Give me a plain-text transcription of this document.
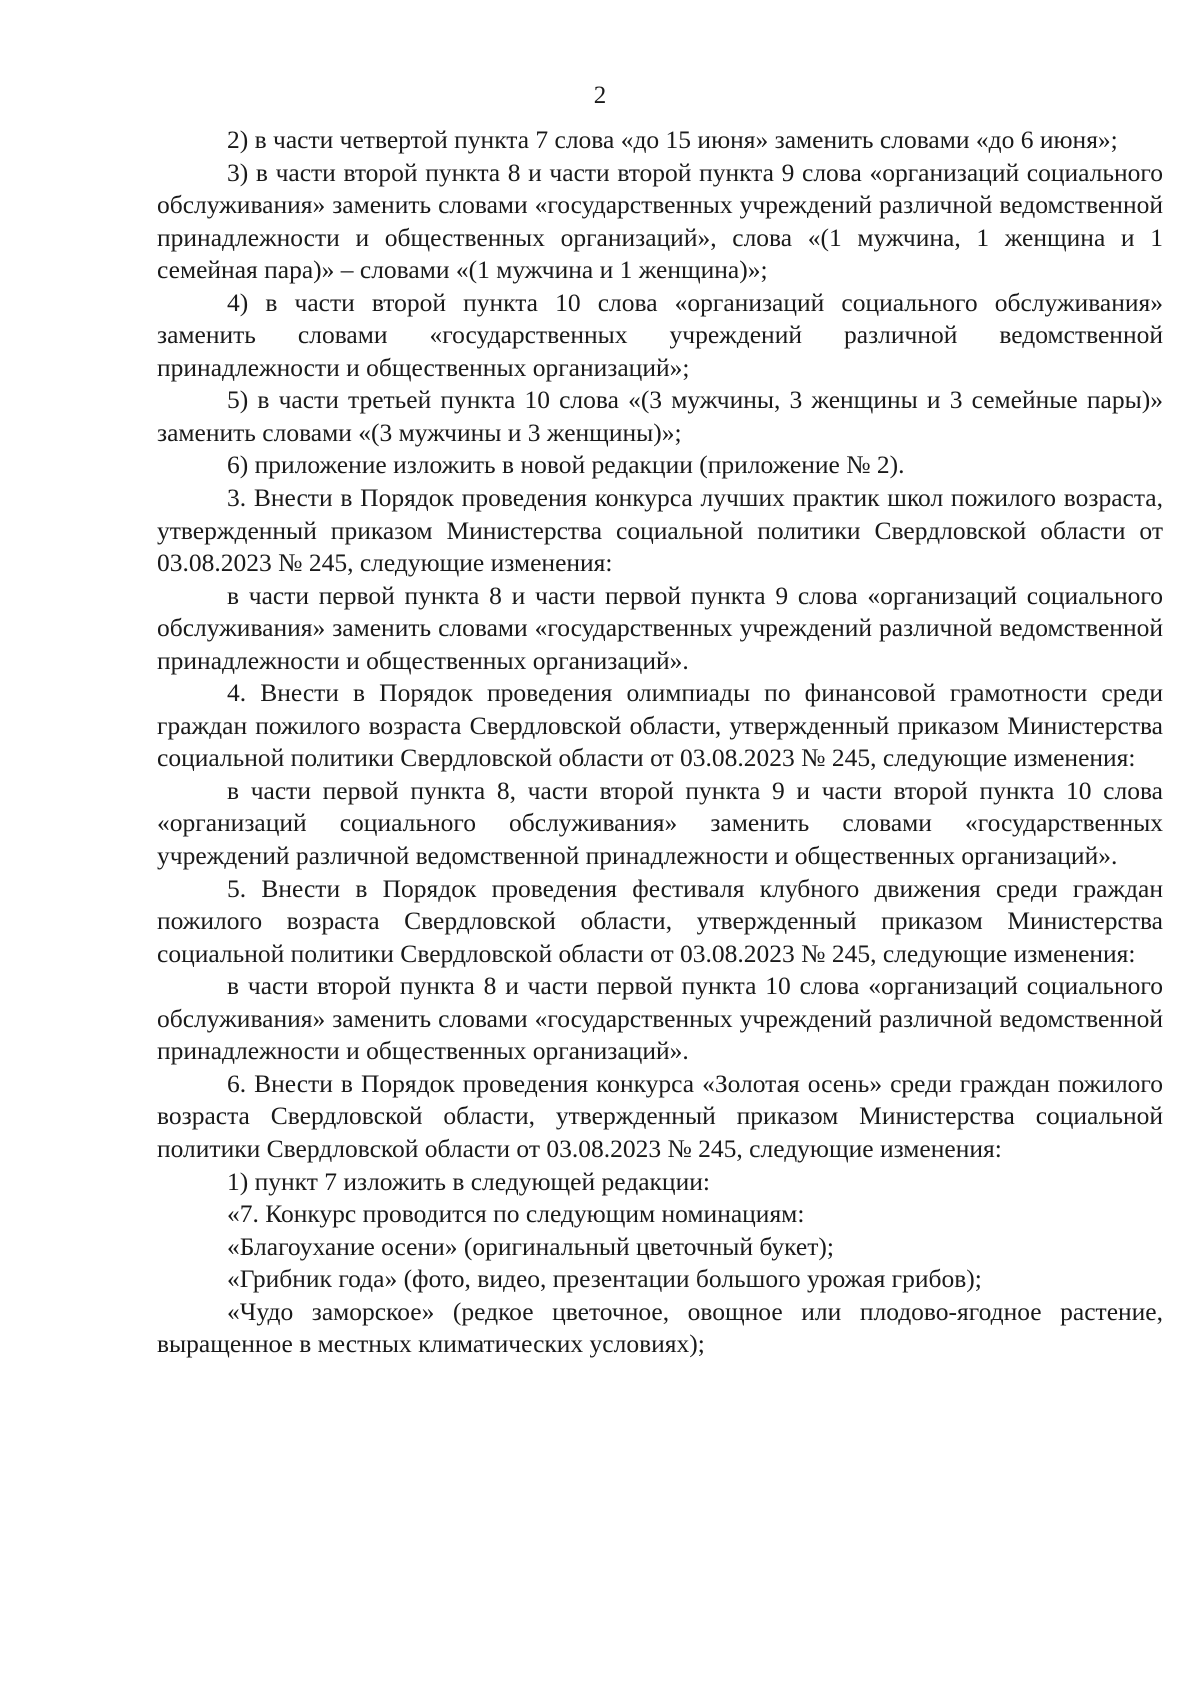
2

2) в части четвертой пункта 7 слова «до 15 июня» заменить словами «до 6 июня»;

3) в части второй пункта 8 и части второй пункта 9 слова «организаций социального обслуживания» заменить словами «государственных учреждений различной ведомственной принадлежности и общественных организаций», слова «(1 мужчина, 1 женщина и 1 семейная пара)» – словами «(1 мужчина и 1 женщина)»;

4) в части второй пункта 10 слова «организаций социального обслуживания» заменить словами «государственных учреждений различной ведомственной принадлежности и общественных организаций»;

5) в части третьей пункта 10 слова «(3 мужчины, 3 женщины и 3 семейные пары)» заменить словами «(3 мужчины и 3 женщины)»;

6) приложение изложить в новой редакции (приложение № 2).

3. Внести в Порядок проведения конкурса лучших практик школ пожилого возраста, утвержденный приказом Министерства социальной политики Свердловской области от 03.08.2023 № 245, следующие изменения:

в части первой пункта 8 и части первой пункта 9 слова «организаций социального обслуживания» заменить словами «государственных учреждений различной ведомственной принадлежности и общественных организаций».

4. Внести в Порядок проведения олимпиады по финансовой грамотности среди граждан пожилого возраста Свердловской области, утвержденный приказом Министерства социальной политики Свердловской области от 03.08.2023 № 245, следующие изменения:

в части первой пункта 8, части второй пункта 9 и части второй пункта 10 слова «организаций социального обслуживания» заменить словами «государственных учреждений различной ведомственной принадлежности и общественных организаций».

5. Внести в Порядок проведения фестиваля клубного движения среди граждан пожилого возраста Свердловской области, утвержденный приказом Министерства социальной политики Свердловской области от 03.08.2023 № 245, следующие изменения:

в части второй пункта 8 и части первой пункта 10 слова «организаций социального обслуживания» заменить словами «государственных учреждений различной ведомственной принадлежности и общественных организаций».

6. Внести в Порядок проведения конкурса «Золотая осень» среди граждан пожилого возраста Свердловской области, утвержденный приказом Министерства социальной политики Свердловской области от 03.08.2023 № 245, следующие изменения:

1) пункт 7 изложить в следующей редакции:

«7. Конкурс проводится по следующим номинациям:

«Благоухание осени» (оригинальный цветочный букет);

«Грибник года» (фото, видео, презентации большого урожая грибов);

«Чудо заморское» (редкое цветочное, овощное или плодово-ягодное растение, выращенное в местных климатических условиях);
